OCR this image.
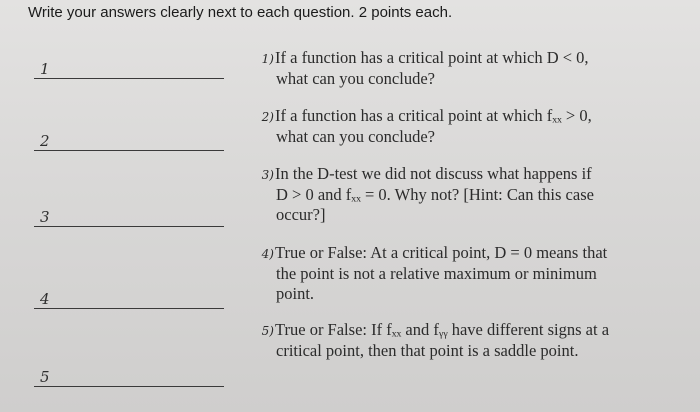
Write your answers clearly next to each question. 2 points each.
1
2
3
4
5
1)If a function has a critical point at which D < 0,
what can you conclude?
2)If a function has a critical point at which fₓₓ > 0,
what can you conclude?
3)In the D-test we did not discuss what happens if
D > 0 and fₓₓ = 0. Why not? [Hint: Can this case
occur?]
4)True or False: At a critical point, D = 0 means that
the point is not a relative maximum or minimum
point.
5)True or False: If fₓₓ and fᵧᵧ have different signs at a
critical point, then that point is a saddle point.
